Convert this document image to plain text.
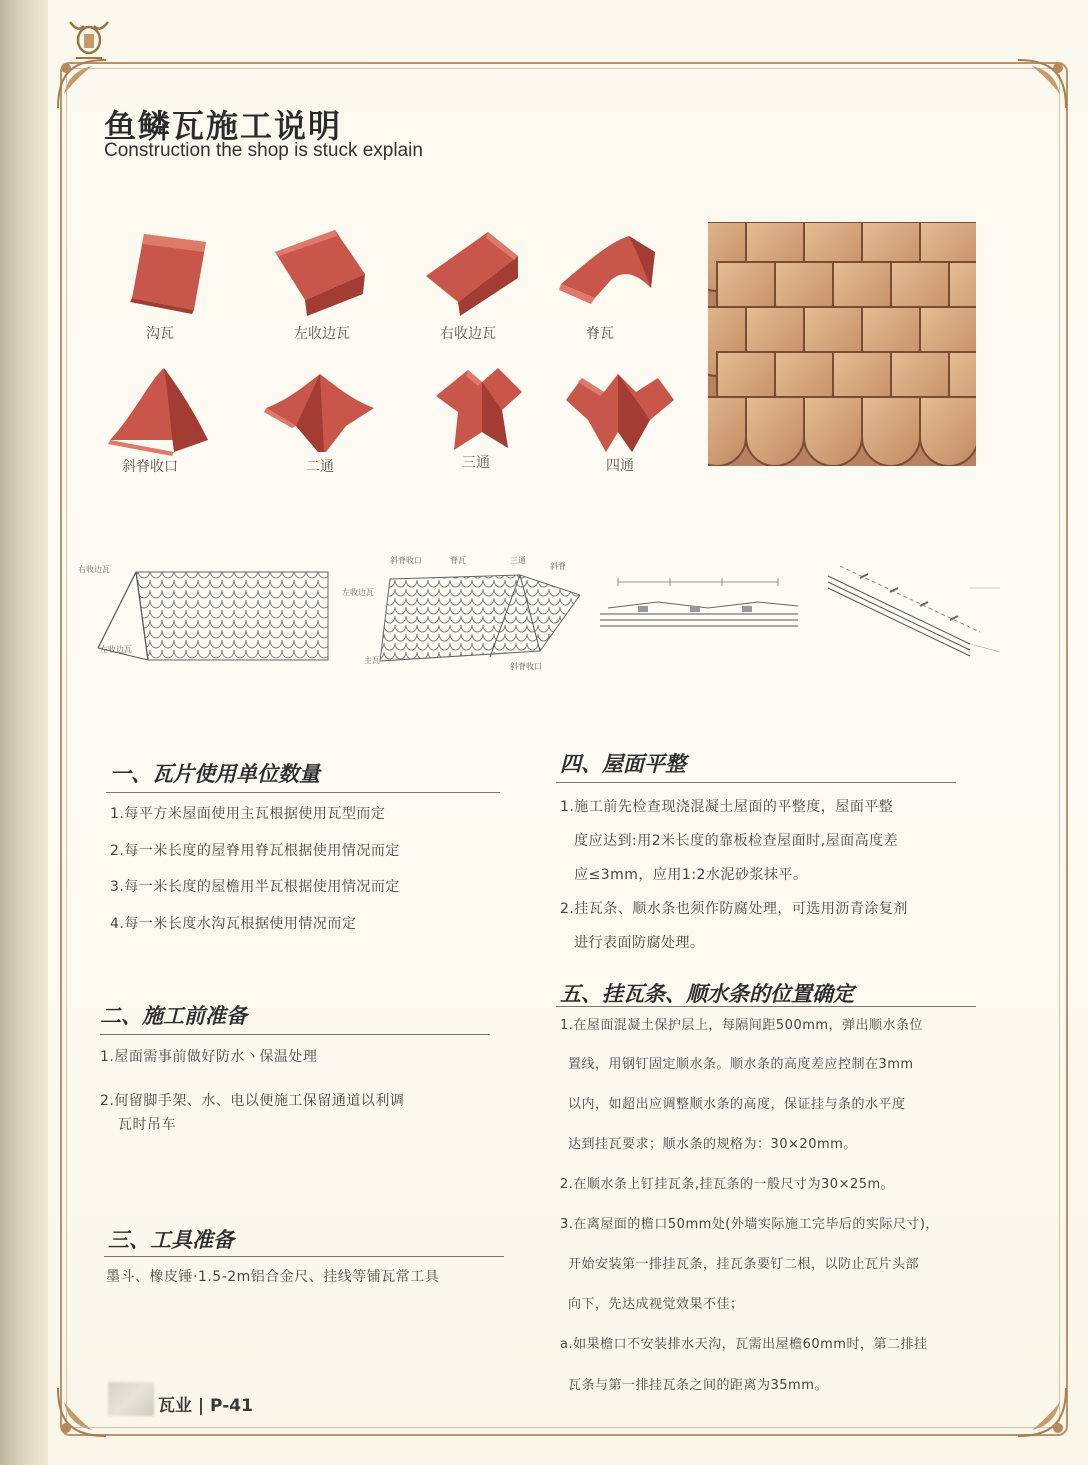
鱼鳞瓦施工说明
Construction the shop is stuck explain
沟瓦	左收边瓦	右收边瓦	脊瓦
斜脊收口	二通	三通	四通
右收边瓦
左收边瓦
斜脊收口	脊瓦	三通
斜脊
左收边瓦
主瓦
斜脊收口
一、瓦片使用单位数量
1.每平方米屋面使用主瓦根据使用瓦型而定
2.每一米长度的屋脊用脊瓦根据使用情况而定
3.每一米长度的屋檐用半瓦根据使用情况而定
4.每一米长度水沟瓦根据使用情况而定
二、施工前准备
1.屋面需事前做好防水丶保温处理
2.何留脚手架、水、电以便施工保留通道以利调
瓦时吊车
三、工具准备
墨斗、橡皮锤·1.5-2m铝合金尺、挂线等铺瓦常工具
四、屋面平整
1.施工前先检查现浇混凝土屋面的平整度，屋面平整
度应达到:用2米长度的靠板检查屋面时,屋面高度差
应≤3mm，应用1:2水泥砂浆抹平。
2.挂瓦条、顺水条也须作防腐处理，可选用沥青涂复剂
进行表面防腐处理。
五、挂瓦条、顺水条的位置确定
1.在屋面混凝土保护层上，每隔间距500mm，弹出顺水条位
置线，用钢钉固定顺水条。顺水条的高度差应控制在3mm
以内，如超出应调整顺水条的高度，保证挂与条的水平度
达到挂瓦要求；顺水条的规格为：30×20mm。
2.在顺水条上钉挂瓦条,挂瓦条的一般尺寸为30×25m。
3.在离屋面的檐口50mm处(外墙实际施工完毕后的实际尺寸)，
开始安装第一排挂瓦条，挂瓦条要钉二根，以防止瓦片头部
向下，先达成视觉效果不佳；
a.如果檐口不安装排水天沟，瓦需出屋檐60mm时，第二排挂
瓦条与第一排挂瓦条之间的距离为35mm。
瓦业 | P-41
